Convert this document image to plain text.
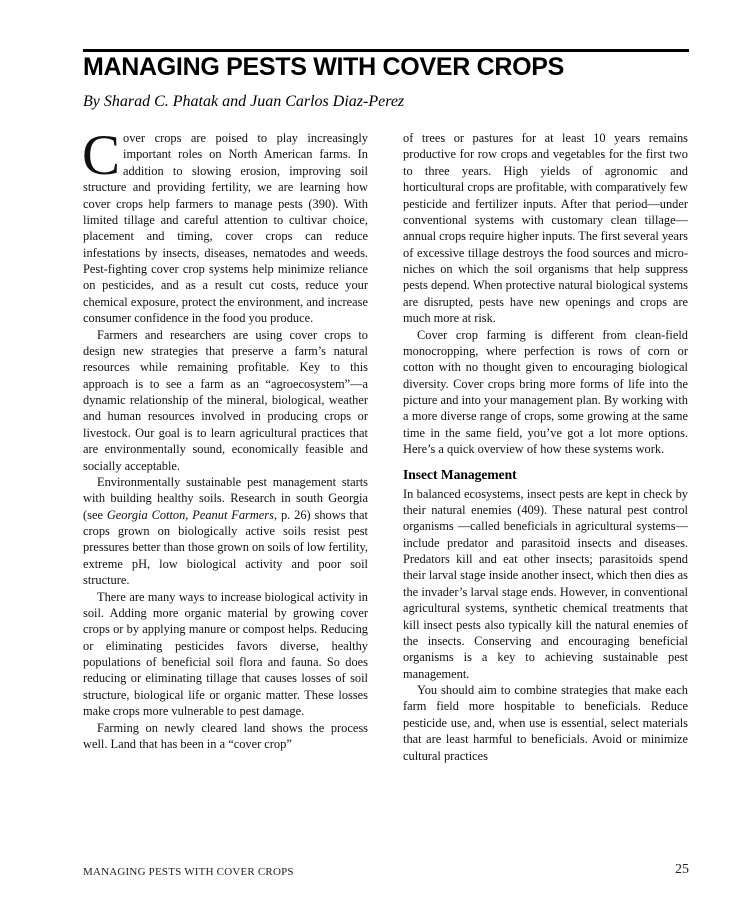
MANAGING PESTS WITH COVER CROPS

By Sharad C. Phatak and Juan Carlos Diaz-Perez

Cover crops are poised to play increasingly important roles on North American farms. In addition to slowing erosion, improving soil structure and providing fertility, we are learning how cover crops help farmers to manage pests (390). With limited tillage and careful attention to cultivar choice, placement and timing, cover crops can reduce infestations by insects, diseases, nematodes and weeds. Pest-fighting cover crop systems help minimize reliance on pesticides, and as a result cut costs, reduce your chemical exposure, protect the environment, and increase consumer confidence in the food you produce.

Farmers and researchers are using cover crops to design new strategies that preserve a farm’s natural resources while remaining profitable. Key to this approach is to see a farm as an “agroecosystem”—a dynamic relationship of the mineral, biological, weather and human resources involved in producing crops or livestock. Our goal is to learn agricultural practices that are environmentally sound, economically feasible and socially acceptable.

Environmentally sustainable pest management starts with building healthy soils. Research in south Georgia (see Georgia Cotton, Peanut Farmers, p. 26) shows that crops grown on biologically active soils resist pest pressures better than those grown on soils of low fertility, extreme pH, low biological activity and poor soil structure.

There are many ways to increase biological activity in soil. Adding more organic material by growing cover crops or by applying manure or compost helps. Reducing or eliminating pesticides favors diverse, healthy populations of beneficial soil flora and fauna. So does reducing or eliminating tillage that causes losses of soil structure, biological life or organic matter. These losses make crops more vulnerable to pest damage.

Farming on newly cleared land shows the process well. Land that has been in a “cover crop”

of trees or pastures for at least 10 years remains productive for row crops and vegetables for the first two to three years. High yields of agronomic and horticultural crops are profitable, with comparatively few pesticide and fertilizer inputs. After that period—under conventional systems with customary clean tillage—annual crops require higher inputs. The first several years of excessive tillage destroys the food sources and micro-niches on which the soil organisms that help suppress pests depend. When protective natural biological systems are disrupted, pests have new openings and crops are much more at risk.

Cover crop farming is different from clean-field monocropping, where perfection is rows of corn or cotton with no thought given to encouraging biological diversity. Cover crops bring more forms of life into the picture and into your management plan. By working with a more diverse range of crops, some growing at the same time in the same field, you’ve got a lot more options. Here’s a quick overview of how these systems work.

Insect Management

In balanced ecosystems, insect pests are kept in check by their natural enemies (409). These natural pest control organisms —called beneficials in agricultural systems—include predator and parasitoid insects and diseases. Predators kill and eat other insects; parasitoids spend their larval stage inside another insect, which then dies as the invader’s larval stage ends. However, in conventional agricultural systems, synthetic chemical treatments that kill insect pests also typically kill the natural enemies of the insects. Conserving and encouraging beneficial organisms is a key to achieving sustainable pest management.

You should aim to combine strategies that make each farm field more hospitable to beneficials. Reduce pesticide use, and, when use is essential, select materials that are least harmful to beneficials. Avoid or minimize cultural practices

MANAGING PESTS WITH COVER CROPS	25
